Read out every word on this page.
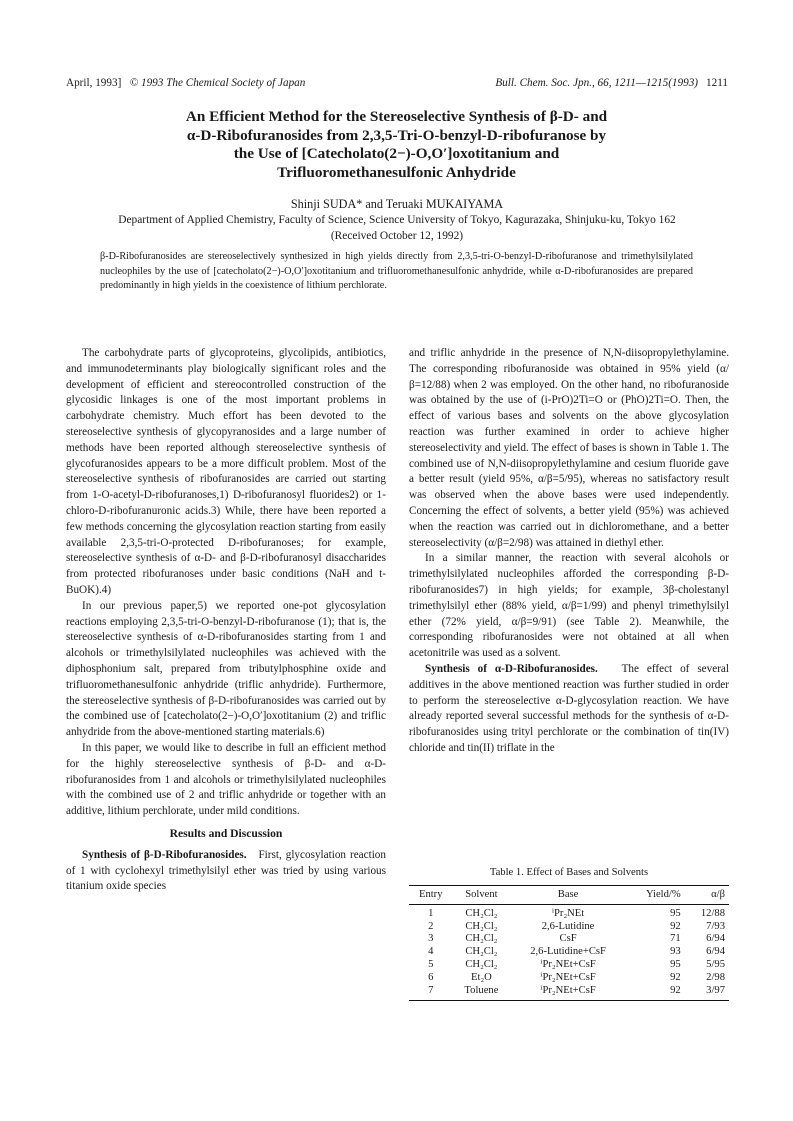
April, 1993] © 1993 The Chemical Society of Japan	Bull. Chem. Soc. Jpn., 66, 1211—1215(1993) 1211
An Efficient Method for the Stereoselective Synthesis of β-D- and
α-D-Ribofuranosides from 2,3,5-Tri-O-benzyl-D-ribofuranose by
the Use of [Catecholato(2−)-O,O′]oxotitanium and
Trifluoromethanesulfonic Anhydride
Shinji SUDA* and Teruaki MUKAIYAMA
Department of Applied Chemistry, Faculty of Science, Science University of Tokyo, Kagurazaka, Shinjuku-ku, Tokyo 162
(Received October 12, 1992)
β-D-Ribofuranosides are stereoselectively synthesized in high yields directly from 2,3,5-tri-O-benzyl-D-ribofuranose and trimethylsilylated nucleophiles by the use of [catecholato(2−)-O,O′]oxotitanium and trifluoromethanesulfonic anhydride, while α-D-ribofuranosides are prepared predominantly in high yields in the coexistence of lithium perchlorate.

The carbohydrate parts of glycoproteins, glycolipids, antibiotics, and immunodeterminants play biologically significant roles and the development of efficient and stereocontrolled construction of the glycosidic linkages is one of the most important problems in carbohydrate chemistry. Much effort has been devoted to the stereoselective synthesis of glycopyranosides and a large number of methods have been reported although stereoselective synthesis of glycofuranosides appears to be a more difficult problem. Most of the stereoselective synthesis of ribofuranosides are carried out starting from 1-O-acetyl-D-ribofuranoses,1) D-ribofuranosyl fluorides2) or 1-chloro-D-ribofuranuronic acids.3) While, there have been reported a few methods concerning the glycosylation reaction starting from easily available 2,3,5-tri-O-protected D-ribofuranoses; for example, stereoselective synthesis of α-D- and β-D-ribofuranosyl disaccharides from protected ribofuranoses under basic conditions (NaH and t-BuOK).4)

In our previous paper,5) we reported one-pot glycosylation reactions employing 2,3,5-tri-O-benzyl-D-ribofuranose (1); that is, the stereoselective synthesis of α-D-ribofuranosides starting from 1 and alcohols or trimethylsilylated nucleophiles was achieved with the diphosphonium salt, prepared from tributylphosphine oxide and trifluoromethanesulfonic anhydride (triflic anhydride). Furthermore, the stereoselective synthesis of β-D-ribofuranosides was carried out by the combined use of [catecholato(2−)-O,O′]oxotitanium (2) and triflic anhydride from the above-mentioned starting materials.6)

In this paper, we would like to describe in full an efficient method for the highly stereoselective synthesis of β-D- and α-D-ribofuranosides from 1 and alcohols or trimethylsilylated nucleophiles with the combined use of 2 and triflic anhydride or together with an additive, lithium perchlorate, under mild conditions.

Results and Discussion

Synthesis of β-D-Ribofuranosides. First, glycosylation reaction of 1 with cyclohexyl trimethylsilyl ether was tried by using various titanium oxide species

and triflic anhydride in the presence of N,N-diisopropylethylamine. The corresponding ribofuranoside was obtained in 95% yield (α/β=12/88) when 2 was employed. On the other hand, no ribofuranoside was obtained by the use of (i-PrO)2Ti=O or (PhO)2Ti=O. Then, the effect of various bases and solvents on the above glycosylation reaction was further examined in order to achieve higher stereoselectivity and yield. The effect of bases is shown in Table 1. The combined use of N,N-diisopropylethylamine and cesium fluoride gave a better result (yield 95%, α/β=5/95), whereas no satisfactory result was observed when the above bases were used independently. Concerning the effect of solvents, a better yield (95%) was achieved when the reaction was carried out in dichloromethane, and a better stereoselectivity (α/β=2/98) was attained in diethyl ether.

In a similar manner, the reaction with several alcohols or trimethylsilylated nucleophiles afforded the corresponding β-D-ribofuranosides7) in high yields; for example, 3β-cholestanyl trimethylsilyl ether (88% yield, α/β=1/99) and phenyl trimethylsilyl ether (72% yield, α/β=9/91) (see Table 2). Meanwhile, the corresponding ribofuranosides were not obtained at all when acetonitrile was used as a solvent.

Synthesis of α-D-Ribofuranosides. The effect of several additives in the above mentioned reaction was further studied in order to perform the stereoselective α-D-glycosylation reaction. We have already reported several successful methods for the synthesis of α-D-ribofuranosides using trityl perchlorate or the combination of tin(IV) chloride and tin(II) triflate in the

Table 1. Effect of Bases and Solvents
Entry	Solvent	Base	Yield/%	α/β
1	CH₂Cl₂	ⁱPr₂NEt	95	12/88
2	CH₂Cl₂	2,6-Lutidine	92	7/93
3	CH₂Cl₂	CsF	71	6/94
4	CH₂Cl₂	2,6-Lutidine+CsF	93	6/94
5	CH₂Cl₂	ⁱPr₂NEt+CsF	95	5/95
6	Et₂O	ⁱPr₂NEt+CsF	92	2/98
7	Toluene	ⁱPr₂NEt+CsF	92	3/97
